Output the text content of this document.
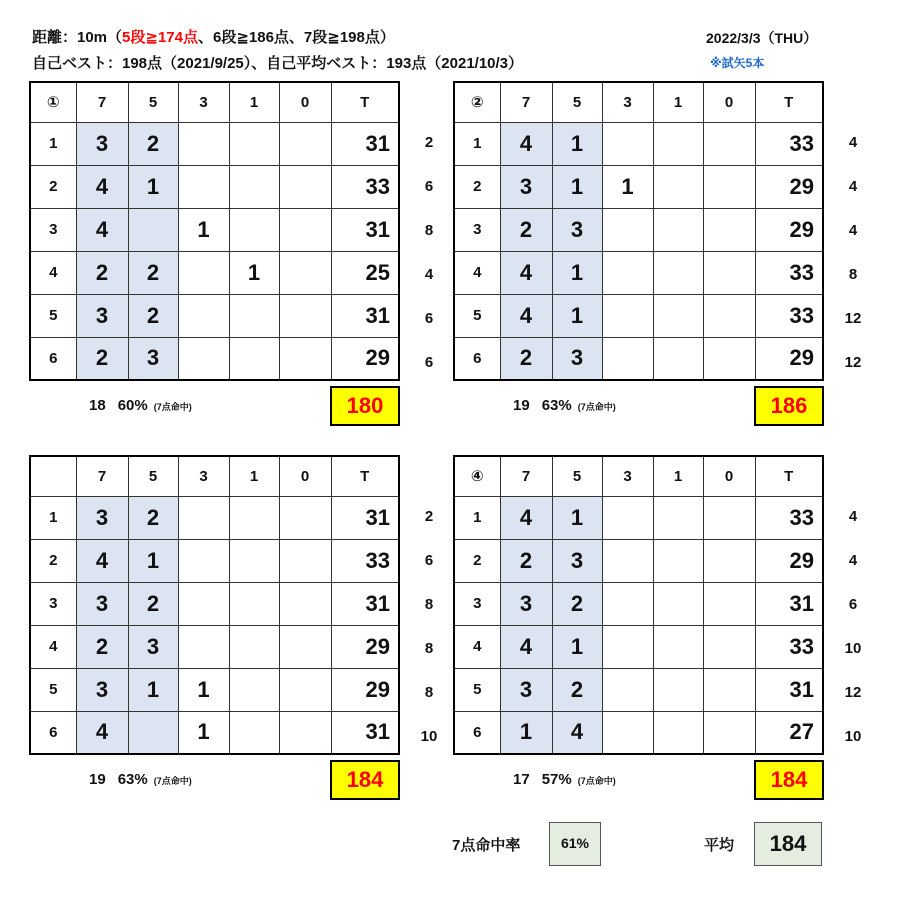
距離：10m（5段≧174点、6段≧186点、7段≧198点）
自己ベスト：198点（2021/9/25）、自己平均ベスト：193点（2021/10/3）
2022/3/3（THU）
※試矢5本
2
6
8
4
6
6
①	7	5	3	1	0	T
1	3	2				31
2	4	1				33
3	4		1			31
4	2	2		1		25
5	3	2				31
6	2	3				29
18 60% (7点命中)	180
4
4
4
8
12
12
②	7	5	3	1	0	T
1	4	1				33
2	3	1	1			29
3	2	3				29
4	4	1				33
5	4	1				33
6	2	3				29
19 63% (7点命中)	186
2
6
8
8
8
10
	7	5	3	1	0	T
1	3	2				31
2	4	1				33
3	3	2				31
4	2	3				29
5	3	1	1			29
6	4		1			31
19 63% (7点命中)	184
4
4
6
10
12
10
④	7	5	3	1	0	T
1	4	1				33
2	2	3				29
3	3	2				31
4	4	1				33
5	3	2				31
6	1	4				27
17 57% (7点命中)	184
7点命中率	61%	平均	184
